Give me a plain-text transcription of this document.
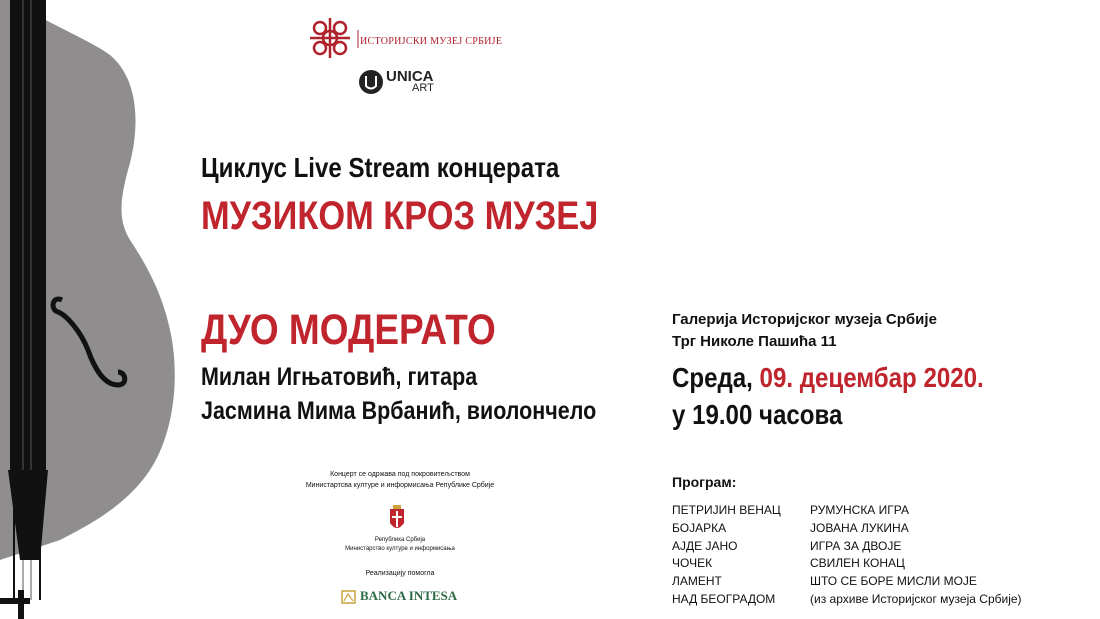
ИСТОРИЈСКИ МУЗЕЈ СРБИЈЕ
UNICA
ART
Циклус Live Stream концерата
МУЗИКОМ КРОЗ МУЗЕЈ
ДУО МОДЕРАТО
Милан Игњатовић, гитара
Јасмина Мима Врбанић, виолончело
Галерија Историјског музеја Србије
Трг Николе Пашића 11
Среда, 09. децембар 2020.
у 19.00 часова
Програм:
ПЕТРИЈИН ВЕНАЦ
БОЈАРКА
АЈДЕ ЈАНО
ЧОЧЕК
ЛАМЕНТ
НАД БЕОГРАДОМ
РУМУНСКА ИГРА
ЈОВАНА ЛУКИНА
ИГРА ЗА ДВОЈЕ
СВИЛЕН КОНАЦ
ШТО СЕ БОРЕ МИСЛИ МОЈЕ
(из архиве Историјског музеја Србије)
Концерт се одржава под покровитељством
Министартсва културе и информисања Републике Србије
Република Србија
Министарство културе и информисања
Реализацију помогла
BANCA INTESA
